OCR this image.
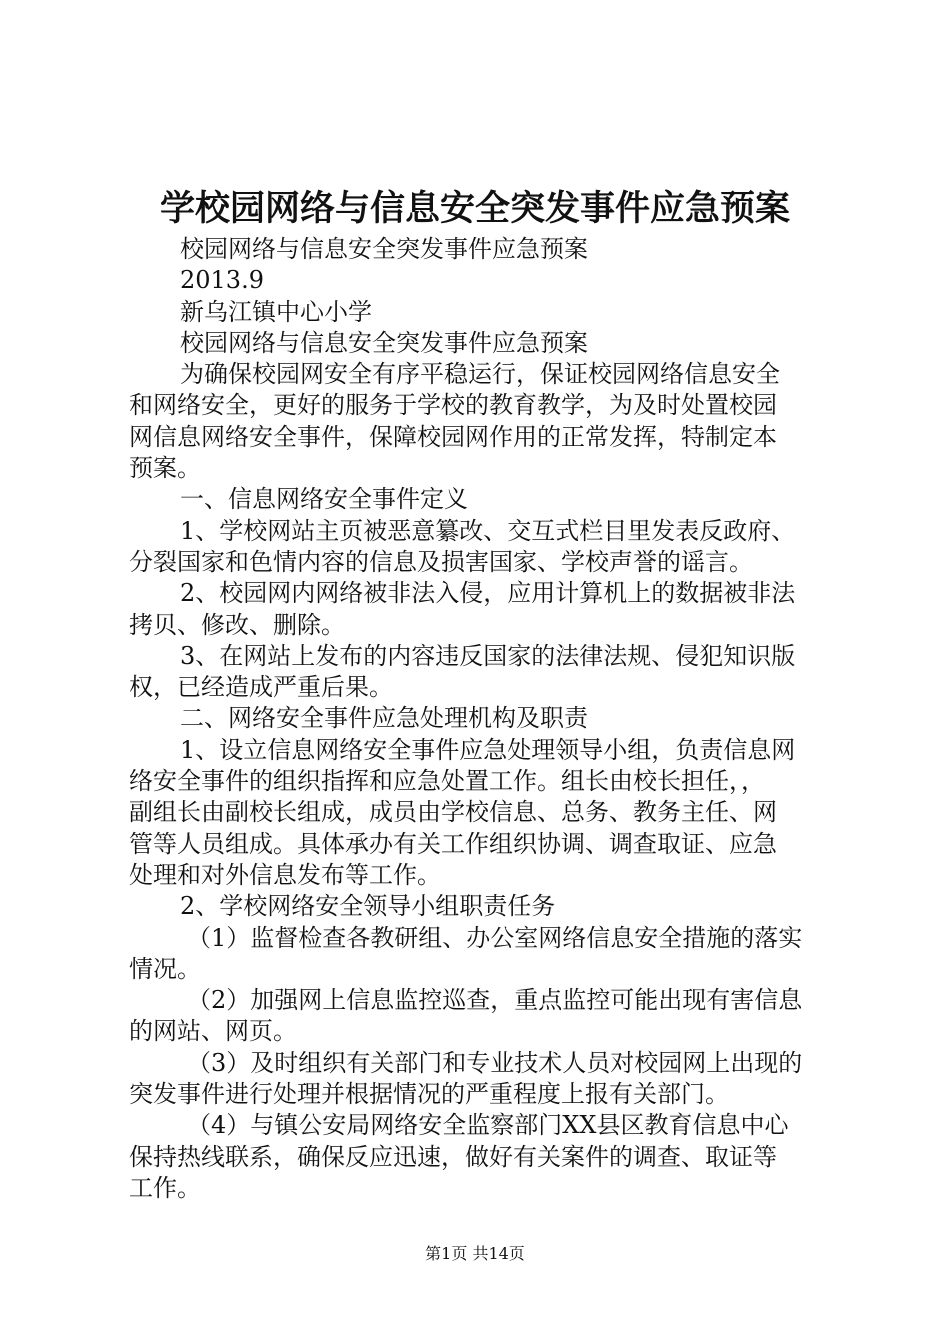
学校园网络与信息安全突发事件应急预案
校园网络与信息安全突发事件应急预案
2013.9
新乌江镇中心小学
校园网络与信息安全突发事件应急预案
为确保校园网安全有序平稳运行，保证校园网络信息安全
和网络安全，更好的服务于学校的教育教学，为及时处置校园
网信息网络安全事件，保障校园网作用的正常发挥，特制定本
预案。
一、信息网络安全事件定义
1、学校网站主页被恶意纂改、交互式栏目里发表反政府、
分裂国家和色情内容的信息及损害国家、学校声誉的谣言。
2、校园网内网络被非法入侵，应用计算机上的数据被非法
拷贝、修改、删除。
3、在网站上发布的内容违反国家的法律法规、侵犯知识版
权，已经造成严重后果。
二、网络安全事件应急处理机构及职责
1、设立信息网络安全事件应急处理领导小组，负责信息网
络安全事件的组织指挥和应急处置工作。组长由校长担任，，
副组长由副校长组成，成员由学校信息、总务、教务主任、网
管等人员组成。具体承办有关工作组织协调、调查取证、应急
处理和对外信息发布等工作。
2、学校网络安全领导小组职责任务
（1）监督检查各教研组、办公室网络信息安全措施的落实
情况。
（2）加强网上信息监控巡查，重点监控可能出现有害信息
的网站、网页。
（3）及时组织有关部门和专业技术人员对校园网上出现的
突发事件进行处理并根据情况的严重程度上报有关部门。
（4）与镇公安局网络安全监察部门XX县区教育信息中心
保持热线联系，确保反应迅速，做好有关案件的调查、取证等
工作。
第1页 共14页
